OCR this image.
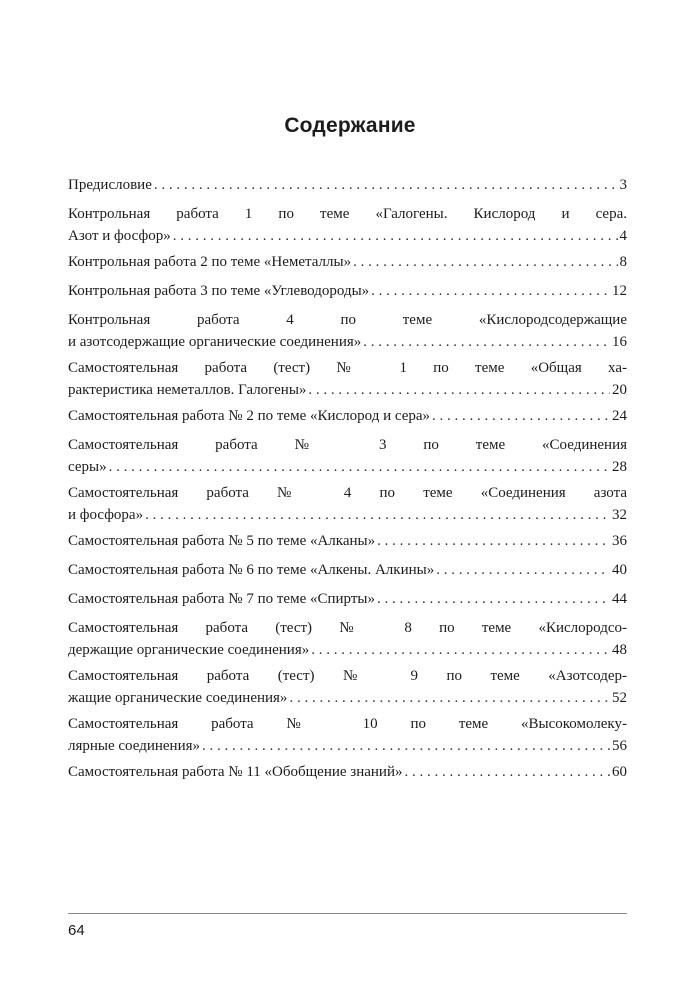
Содержание
Предисловие . . .	3
Контрольная работа 1 по теме «Галогены. Кислород и сера.
Азот и фосфор» . . .	4
Контрольная работа 2 по теме «Неметаллы» . . .	8
Контрольная работа 3 по теме «Углеводороды» . . .	12
Контрольная работа 4 по теме «Кислородсодержащие
и азотсодержащие органические соединения» . . .	16
Самостоятельная работа (тест) № 1 по теме «Общая ха-
рактеристика неметаллов. Галогены» . . .	20
Самостоятельная работа № 2 по теме «Кислород и сера» . . .	24
Самостоятельная работа № 3 по теме «Соединения
серы» . . .	28
Самостоятельная работа № 4 по теме «Соединения азота
и фосфора» . . .	32
Самостоятельная работа № 5 по теме «Алканы» . . .	36
Самостоятельная работа № 6 по теме «Алкены. Алкины» . . .	40
Самостоятельная работа № 7 по теме «Спирты» . . .	44
Самостоятельная работа (тест) № 8 по теме «Кислородсо-
держащие органические соединения» . . .	48
Самостоятельная работа (тест) № 9 по теме «Азотсодер-
жащие органические соединения» . . .	52
Самостоятельная работа № 10 по теме «Высокомолеку-
лярные соединения» . . .	56
Самостоятельная работа № 11 «Обобщение знаний» . . .	60
64
